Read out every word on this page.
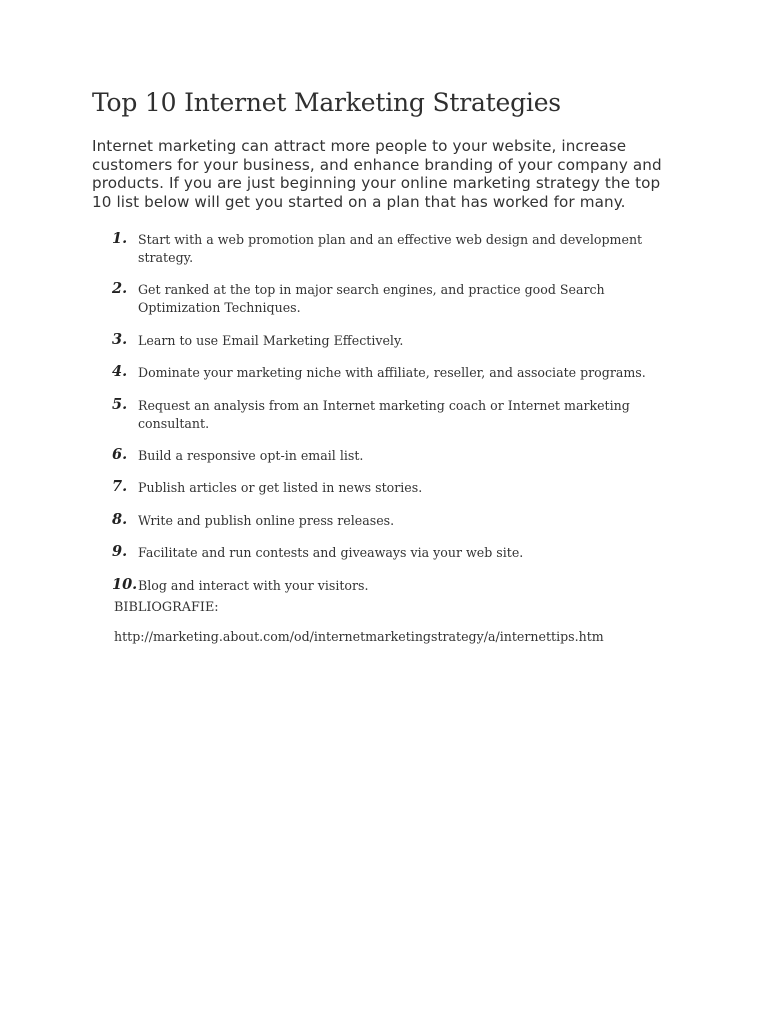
Top 10 Internet Marketing Strategies

Internet marketing can attract more people to your website, increase customers for your business, and enhance branding of your company and products. If you are just beginning your online marketing strategy the top 10 list below will get you started on a plan that has worked for many.

1. Start with a web promotion plan and an effective web design and development strategy.
2. Get ranked at the top in major search engines, and practice good Search Optimization Techniques.
3. Learn to use Email Marketing Effectively.
4. Dominate your marketing niche with affiliate, reseller, and associate programs.
5. Request an analysis from an Internet marketing coach or Internet marketing consultant.
6. Build a responsive opt-in email list.
7. Publish articles or get listed in news stories.
8. Write and publish online press releases.
9. Facilitate and run contests and giveaways via your web site.
10. Blog and interact with your visitors.

BIBLIOGRAFIE:

http://marketing.about.com/od/internetmarketingstrategy/a/internettips.htm
